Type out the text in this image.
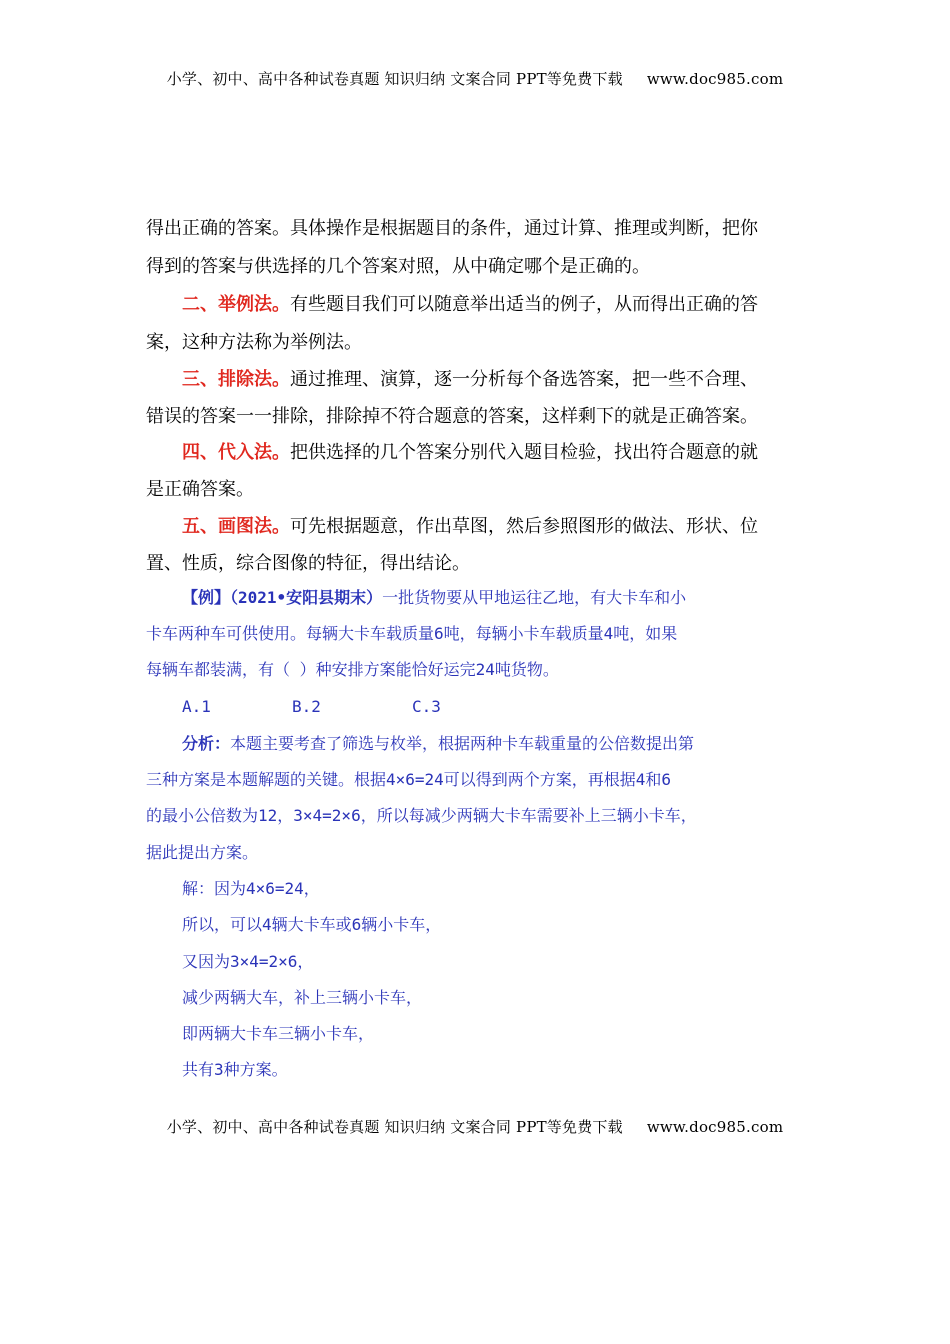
小学、初中、高中各种试卷真题 知识归纳 文案合同 PPT等免费下载 www.doc985.com
得出正确的答案。具体操作是根据题目的条件，通过计算、推理或判断，把你
得到的答案与供选择的几个答案对照，从中确定哪个是正确的。
二、举例法。有些题目我们可以随意举出适当的例子，从而得出正确的答
案，这种方法称为举例法。
三、排除法。通过推理、演算，逐一分析每个备选答案，把一些不合理、
错误的答案一一排除，排除掉不符合题意的答案，这样剩下的就是正确答案。
四、代入法。把供选择的几个答案分别代入题目检验，找出符合题意的就
是正确答案。
五、画图法。可先根据题意，作出草图，然后参照图形的做法、形状、位
置、性质，综合图像的特征，得出结论。
【例】（2021•安阳县期末）一批货物要从甲地运往乙地，有大卡车和小
卡车两种车可供使用。每辆大卡车载质量6吨，每辆小卡车载质量4吨，如果
每辆车都装满，有（ ）种安排方案能恰好运完24吨货物。
A.1	B.2	C.3
分析：本题主要考查了筛选与枚举，根据两种卡车载重量的公倍数提出第
三种方案是本题解题的关键。根据4×6=24可以得到两个方案，再根据4和6
的最小公倍数为12，3×4=2×6，所以每减少两辆大卡车需要补上三辆小卡车，
据此提出方案。
解：因为4×6=24，
所以，可以4辆大卡车或6辆小卡车，
又因为3×4=2×6，
减少两辆大车，补上三辆小卡车，
即两辆大卡车三辆小卡车，
共有3种方案。
小学、初中、高中各种试卷真题 知识归纳 文案合同 PPT等免费下载 www.doc985.com
